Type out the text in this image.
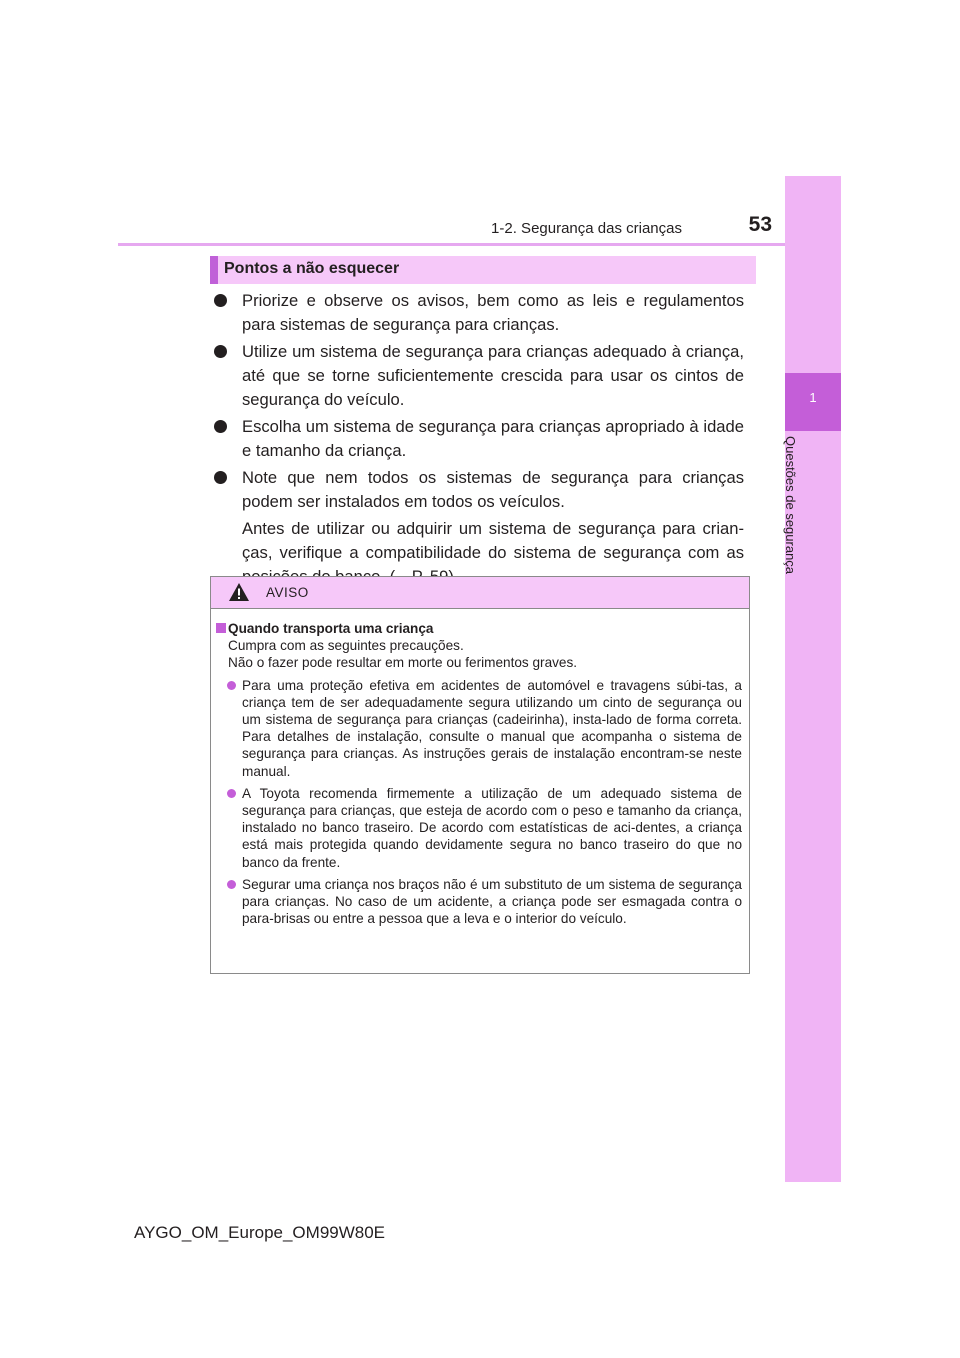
1-2. Segurança das crianças	53
1
Questões de segurança
Pontos a não esquecer

Priorize e observe os avisos, bem como as leis e regulamentos para sistemas de segurança para crianças.

Utilize um sistema de segurança para crianças adequado à criança, até que se torne suficientemente crescida para usar os cintos de segurança do veículo.

Escolha um sistema de segurança para crianças apropriado à idade e tamanho da criança.

Note que nem todos os sistemas de segurança para crianças podem ser instalados em todos os veículos.

Antes de utilizar ou adquirir um sistema de segurança para crian-ças, verifique a compatibilidade do sistema de segurança com as

AVISO
Quando transporta uma criança
Cumpra com as seguintes precauções.
Não o fazer pode resultar em morte ou ferimentos graves.
Para uma proteção efetiva em acidentes de automóvel e travagens súbi-tas, a criança tem de ser adequadamente segura utilizando um cinto de segurança ou um sistema de segurança para crianças (cadeirinha), insta-lado de forma correta. Para detalhes de instalação, consulte o manual que acompanha o sistema de segurança para crianças. As instruções gerais de instalação encontram-se neste manual.
A Toyota recomenda firmemente a utilização de um adequado sistema de segurança para crianças, que esteja de acordo com o peso e tamanho da criança, instalado no banco traseiro. De acordo com estatísticas de aci-dentes, a criança está mais protegida quando devidamente segura no banco traseiro do que no banco da frente.
Segurar uma criança nos braços não é um substituto de um sistema de segurança para crianças. No caso de um acidente, a criança pode ser esmagada contra o para-brisas ou entre a pessoa que a leva e o interior do veículo.
AYGO_OM_Europe_OM99W80E
